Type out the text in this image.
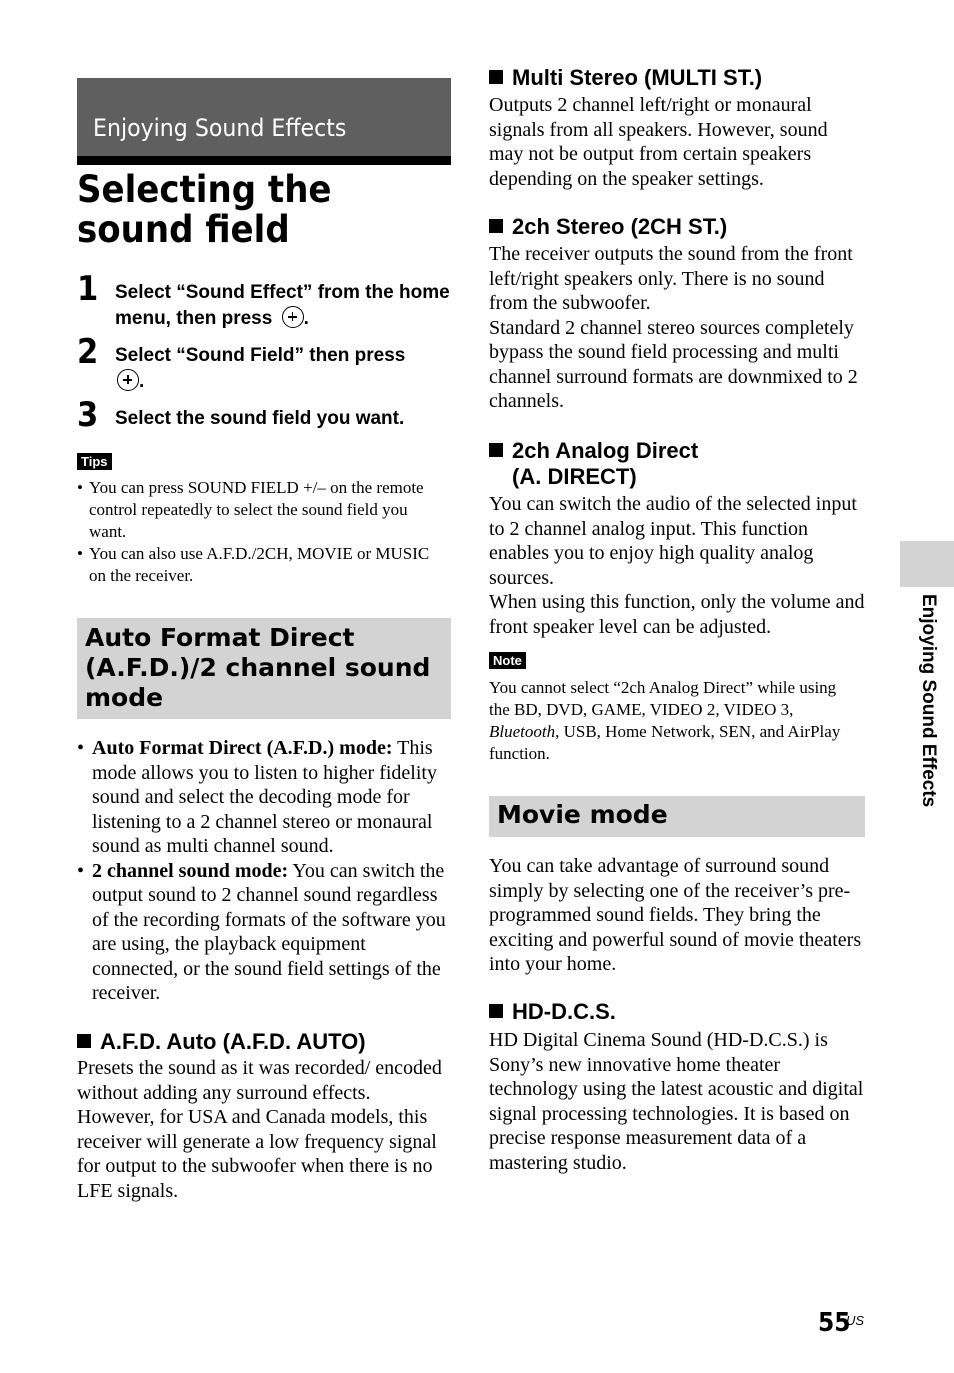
Enjoying Sound Effects
Selecting the sound field
1 Select “Sound Effect” from the home menu, then press .
2 Select “Sound Field” then press
.
3 Select the sound field you want.
Tips
• You can press SOUND FIELD +/– on the remote control repeatedly to select the sound field you want.
• You can also use A.F.D./2CH, MOVIE or MUSIC on the receiver.
Auto Format Direct (A.F.D.)/2 channel sound mode
• Auto Format Direct (A.F.D.) mode: This mode allows you to listen to higher fidelity sound and select the decoding mode for listening to a 2 channel stereo or monaural sound as multi channel sound.
• 2 channel sound mode: You can switch the output sound to 2 channel sound regardless of the recording formats of the software you are using, the playback equipment connected, or the sound field settings of the receiver.
A.F.D. Auto (A.F.D. AUTO)

Presets the sound as it was recorded/ encoded without adding any surround effects.

However, for USA and Canada models, this receiver will generate a low frequency signal for output to the subwoofer when there is no LFE signals.

Multi Stereo (MULTI ST.)
Outputs 2 channel left/right or monaural signals from all speakers. However, sound may not be output from certain speakers depending on the speaker settings.
2ch Stereo (2CH ST.)

The receiver outputs the sound from the front left/right speakers only. There is no sound from the subwoofer.

Standard 2 channel stereo sources completely bypass the sound field processing and multi channel surround formats are downmixed to 2 channels.

2ch Analog Direct
(A. DIRECT)

You can switch the audio of the selected input to 2 channel analog input. This function enables you to enjoy high quality analog sources.

When using this function, only the volume and front speaker level can be adjusted.

Note
You cannot select “2ch Analog Direct” while using the BD, DVD, GAME, VIDEO 2, VIDEO 3, Bluetooth, USB, Home Network, SEN, and AirPlay function.
Movie mode
You can take advantage of surround sound simply by selecting one of the receiver’s pre-programmed sound fields. They bring the exciting and powerful sound of movie theaters into your home.
HD-D.C.S.
HD Digital Cinema Sound (HD-D.C.S.) is Sony’s new innovative home theater technology using the latest acoustic and digital signal processing technologies. It is based on precise response measurement data of a mastering studio.
Enjoying Sound Effects
55
US
